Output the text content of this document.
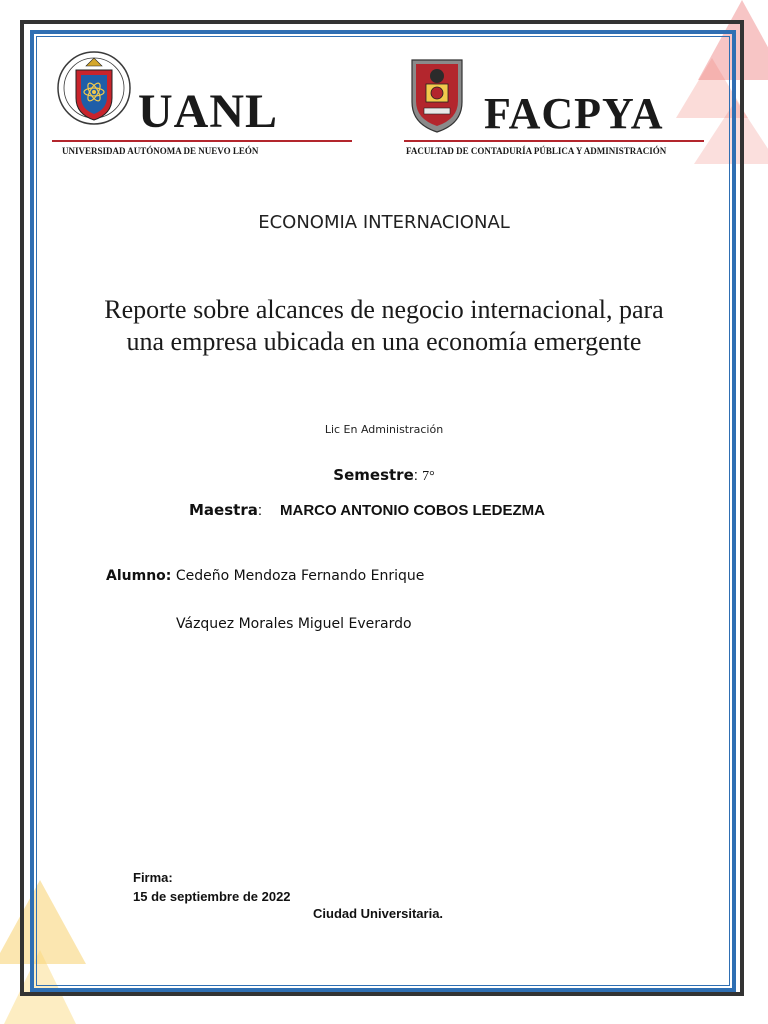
UANL	FACPYA
UNIVERSIDAD AUTÓNOMA DE NUEVO LEÓN	FACULTAD DE CONTADURÍA PÚBLICA Y ADMINISTRACIÓN
ECONOMIA INTERNACIONAL
Reporte sobre alcances de negocio internacional, para una empresa ubicada en una economía emergente
Lic En Administración
Semestre: 7°
Maestra: MARCO ANTONIO COBOS LEDEZMA
Alumno: Cedeño Mendoza Fernando Enrique
Vázquez Morales Miguel Everardo
Firma:
15 de septiembre de 2022
Ciudad Universitaria.
